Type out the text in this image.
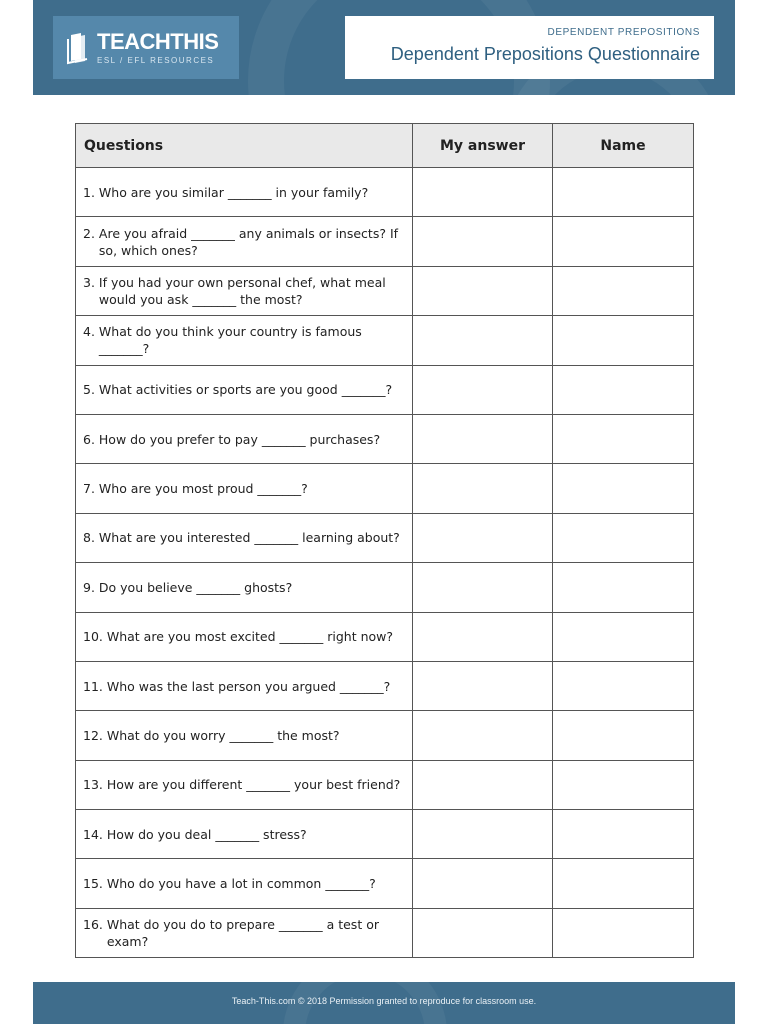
TEACHTHIS
ESL / EFL RESOURCES
DEPENDENT PREPOSITIONS
Dependent Prepositions Questionnaire
Questions	My answer	Name

1. Who are you similar _______ in your family?		

2. Are you afraid _______ any animals or insects? If so, which ones?		

3. If you had your own personal chef, what meal would you ask _______ the most?		

4. What do you think your country is famous _______?		

5. What activities or sports are you good _______?		

6. How do you prefer to pay _______ purchases?		

7. Who are you most proud _______?		

8. What are you interested _______ learning about?		

9. Do you believe _______ ghosts?		

10. What are you most excited _______ right now?		

11. Who was the last person you argued _______?		

12. What do you worry _______ the most?		

13. How are you different _______ your best friend?		

14. How do you deal _______ stress?		

15. Who do you have a lot in common _______?		

16. What do you do to prepare _______ a test or exam?		

Teach-This.com © 2018 Permission granted to reproduce for classroom use.
